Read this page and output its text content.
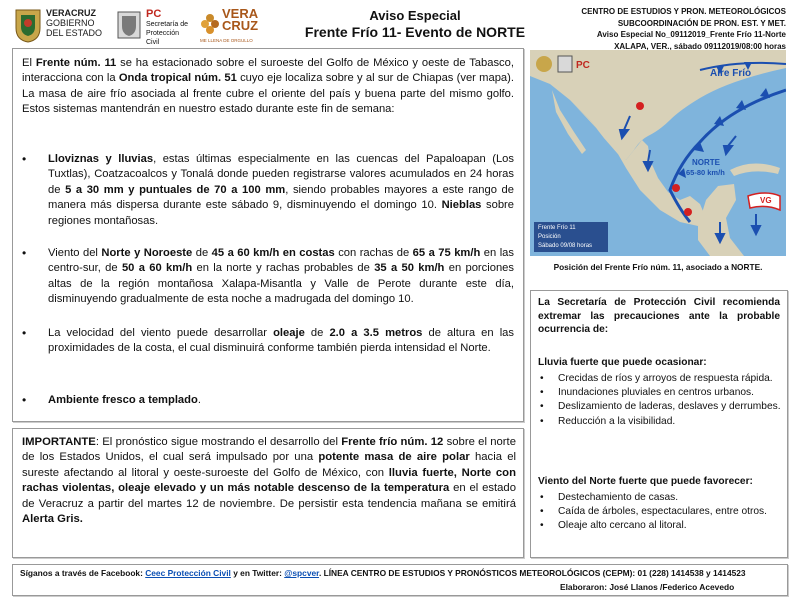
VERACRUZ
GOBIERNO
DEL ESTADO
PC
Secretaría de
Protección Civil
VERA
CRUZ
ME LLENA DE ORGULLO
Aviso Especial
Frente Frío 11- Evento de NORTE
CENTRO DE ESTUDIOS Y PRON. METEOROLÓGICOS
SUBCOORDINACIÓN DE PRON. EST. Y MET.
Aviso Especial No_09112019_Frente Frío 11-Norte
XALAPA, VER., sábado 09112019/08:00 horas
El Frente núm. 11 se ha estacionado sobre el suroeste del Golfo de México y oeste de Tabasco, interacciona con la Onda tropical núm. 51 cuyo eje localiza sobre y al sur de Chiapas (ver mapa). La masa de aire frío asociada al frente cubre el oriente del país y buena parte del mismo golfo. Estos sistemas mantendrán en nuestro estado durante este fin de semana:
• Lloviznas y lluvias, estas últimas especialmente en las cuencas del Papaloapan (Los Tuxtlas), Coatzacoalcos y Tonalá donde pueden registrarse valores acumulados en 24 horas de 5 a 30 mm y puntuales de 70 a 100 mm, siendo probables mayores a este rango de manera más dispersa durante este sábado 9, disminuyendo el domingo 10. Nieblas sobre regiones montañosas.
• Viento del Norte y Noroeste de 45 a 60 km/h en costas con rachas de 65 a 75 km/h en las centro-sur, de 50 a 60 km/h en la norte y rachas probables de 35 a 50 km/h en porciones altas de la región montañosa Xalapa-Misantla y Valle de Perote durante este día, disminuyendo gradualmente de esta noche a madrugada del domingo 10.
• La velocidad del viento puede desarrollar oleaje de 2.0 a 3.5 metros de altura en las proximidades de la costa, el cual disminuirá conforme también pierda intensidad el Norte.
• Ambiente fresco a templado.
IMPORTANTE: El pronóstico sigue mostrando el desarrollo del Frente frío núm. 12 sobre el norte de los Estados Unidos, el cual será impulsado por una potente masa de aire polar hacia el sureste afectando al litoral y oeste-suroeste del Golfo de México, con lluvia fuerte, Norte con rachas violentas, oleaje elevado y un más notable descenso de la temperatura en el estado de Veracruz a partir del martes 12 de noviembre. De persistir esta tendencia mañana se emitirá Alerta Gris.
PC
Aire Frío
NORTE
65-80 km/h
VG
Frente Frío 11
Posición
Sábado 09/08 horas
Posición del Frente Frío núm. 11, asociado a NORTE.
La Secretaría de Protección Civil recomienda extremar las precauciones ante la probable ocurrencia de:
Lluvia fuerte que puede ocasionar:
• Crecidas de ríos y arroyos de respuesta rápida.
• Inundaciones pluviales en centros urbanos.
• Deslizamiento de laderas, deslaves y derrumbes.
• Reducción a la visibilidad.
Viento del Norte fuerte que puede favorecer:
• Destechamiento de casas.
• Caída de árboles, espectaculares, entre otros.
• Oleaje alto cercano al litoral.
Síganos a través de Facebook: Ceec Protección Civil y en Twitter: @spcver. LÍNEA CENTRO DE ESTUDIOS Y PRONÓSTICOS METEOROLÓGICOS (CEPM): 01 (228) 1414538 y 1414523
Elaboraron: José Llanos /Federico Acevedo
